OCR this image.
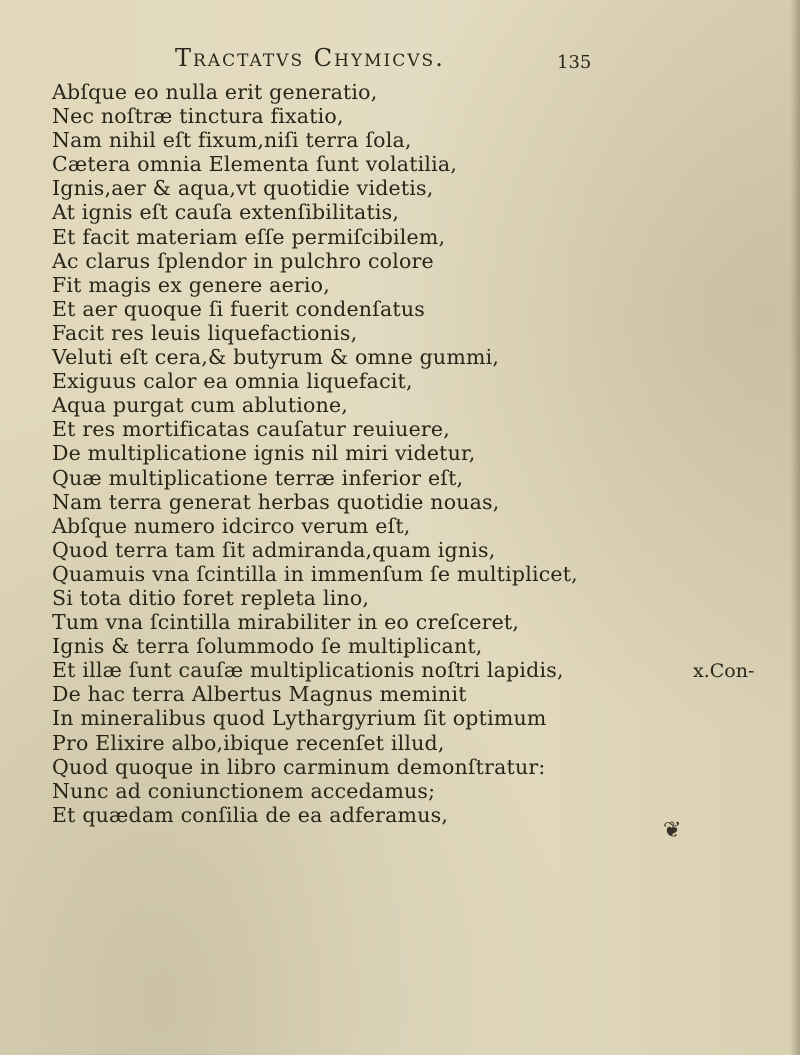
Tractatvs Chymicvs.	135
Abſque eo nulla erit generatio,
Nec noſtræ tinctura fixatio,
Nam nihil eſt fixum,niſi terra ſola,
Cætera omnia Elementa ſunt volatilia,
Ignis,aer & aqua,vt quotidie videtis,
At ignis eſt cauſa extenſibilitatis,
Et facit materiam eſſe permiſcibilem,
Ac clarus ſplendor in pulchro colore
Fit magis ex genere aerio,
Et aer quoque ſi fuerit condenſatus
Facit res leuis liquefactionis,
Veluti eſt cera,& butyrum & omne gummi,
Exiguus calor ea omnia liquefacit,
Aqua purgat cum ablutione,
Et res mortificatas cauſatur reuiuere,
De multiplicatione ignis nil miri videtur,
Quæ multiplicatione terræ inferior eſt,
Nam terra generat herbas quotidie nouas,
Abſque numero idcirco verum eſt,
Quod terra tam ſit admiranda,quam ignis,
Quamuis vna ſcintilla in immenſum ſe multiplicet,
Si tota ditio foret repleta lino,
Tum vna ſcintilla mirabiliter in eo creſceret,
Ignis & terra ſolummodo ſe multiplicant,
Et illæ ſunt cauſæ multiplicationis noſtri lapidis,
De hac terra Albertus Magnus meminit
In mineralibus quod Lythargyrium ſit optimum
Pro Elixire albo,ibique recenſet illud,
Quod quoque in libro carminum demonſtratur:
Nunc ad coniunctionem accedamus;
Et quædam conſilia de ea adferamus,
x.Con-
❦
